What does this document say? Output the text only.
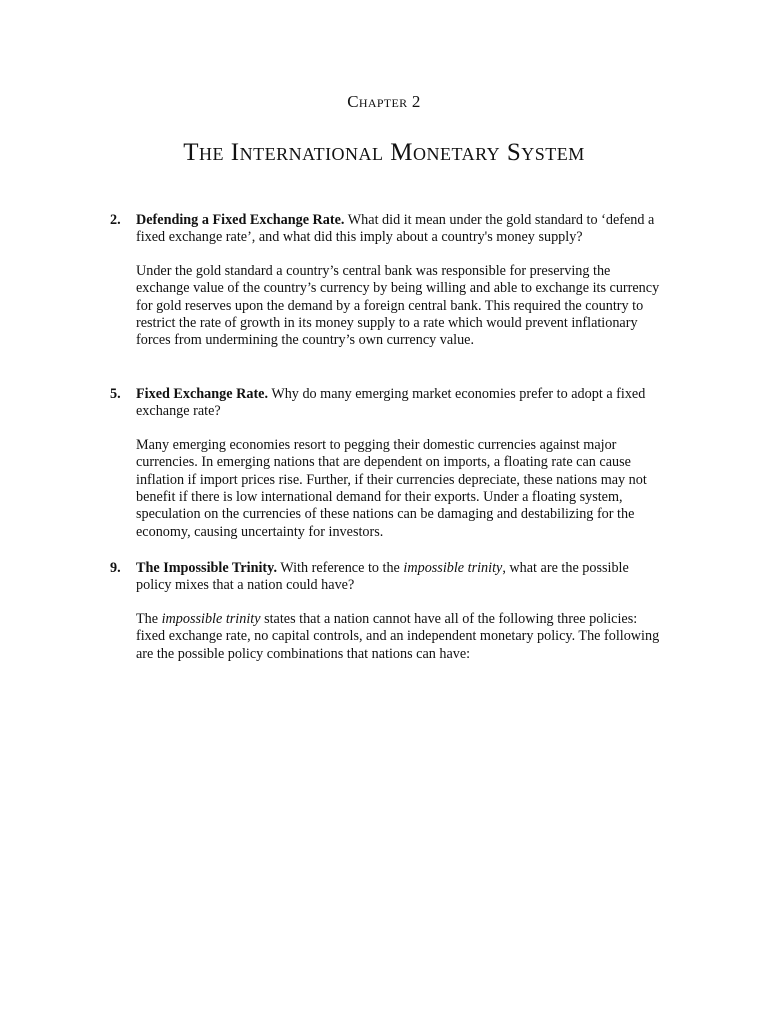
Chapter 2
The International Monetary System
2. Defending a Fixed Exchange Rate. What did it mean under the gold standard to ‘defend a fixed exchange rate’, and what did this imply about a country's money supply?

Under the gold standard a country’s central bank was responsible for preserving the exchange value of the country’s currency by being willing and able to exchange its currency for gold reserves upon the demand by a foreign central bank. This required the country to restrict the rate of growth in its money supply to a rate which would prevent inflationary forces from undermining the country’s own currency value.

5. Fixed Exchange Rate. Why do many emerging market economies prefer to adopt a fixed exchange rate?

Many emerging economies resort to pegging their domestic currencies against major currencies. In emerging nations that are dependent on imports, a floating rate can cause inflation if import prices rise. Further, if their currencies depreciate, these nations may not benefit if there is low international demand for their exports. Under a floating system, speculation on the currencies of these nations can be damaging and destabilizing for the economy, causing uncertainty for investors.

9. The Impossible Trinity. With reference to the impossible trinity, what are the possible policy mixes that a nation could have?

The impossible trinity states that a nation cannot have all of the following three policies: fixed exchange rate, no capital controls, and an independent monetary policy. The following are the possible policy combinations that nations can have:
